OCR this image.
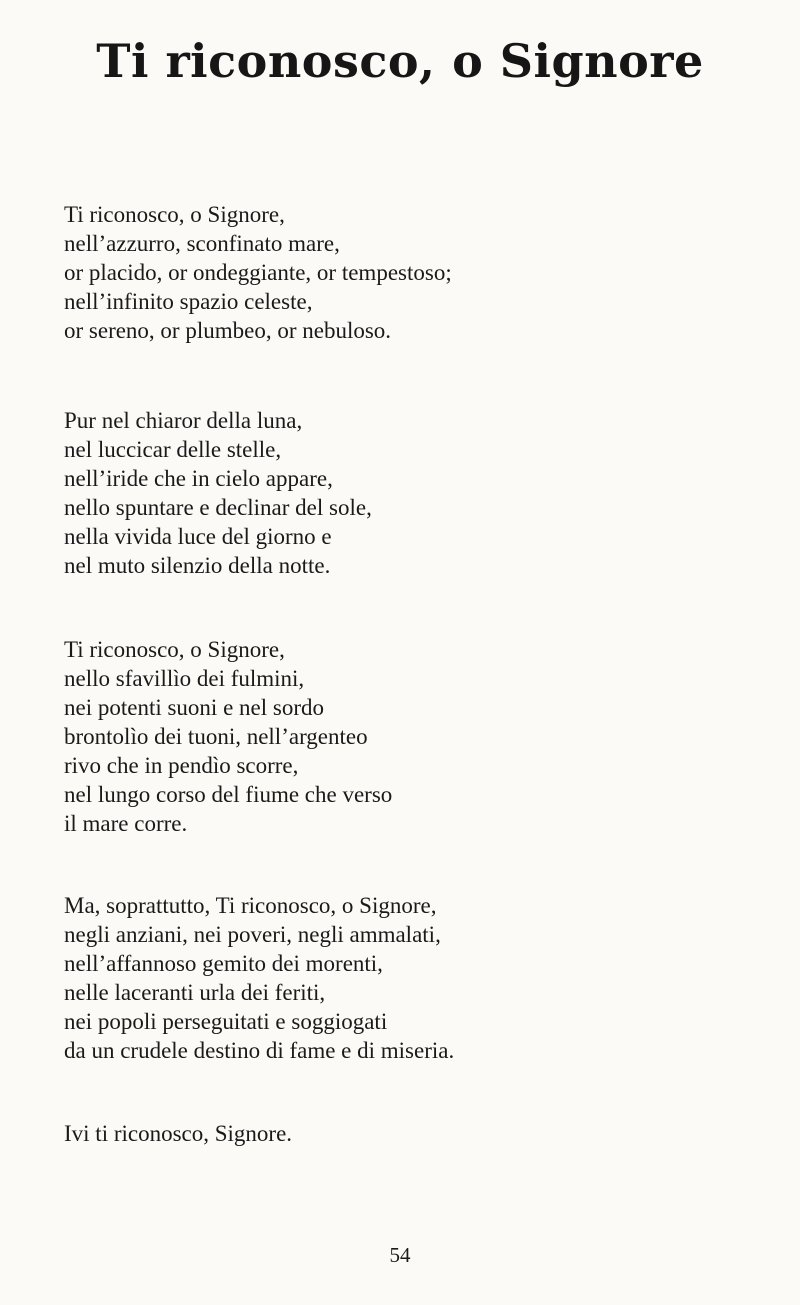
Ti riconosco, o Signore
Ti riconosco, o Signore,
nell’azzurro, sconfinato mare,
or placido, or ondeggiante, or tempestoso;
nell’infinito spazio celeste,
or sereno, or plumbeo, or nebuloso.
Pur nel chiaror della luna,
nel luccicar delle stelle,
nell’iride che in cielo appare,
nello spuntare e declinar del sole,
nella vivida luce del giorno e
nel muto silenzio della notte.
Ti riconosco, o Signore,
nello sfavillìo dei fulmini,
nei potenti suoni e nel sordo
brontolìo dei tuoni, nell’argenteo
rivo che in pendìo scorre,
nel lungo corso del fiume che verso
il mare corre.
Ma, soprattutto, Ti riconosco, o Signore,
negli anziani, nei poveri, negli ammalati,
nell’affannoso gemito dei morenti,
nelle laceranti urla dei feriti,
nei popoli perseguitati e soggiogati
da un crudele destino di fame e di miseria.
Ivi ti riconosco, Signore.
54
